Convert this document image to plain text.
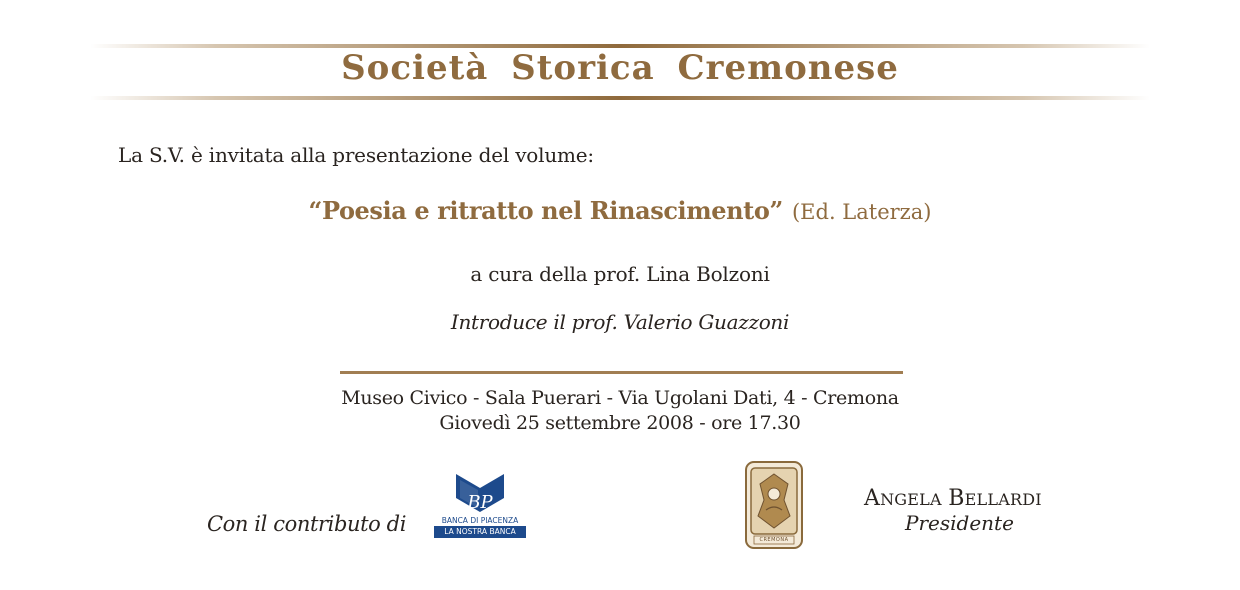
Società Storica Cremonese
La S.V. è invitata alla presentazione del volume:
“Poesia e ritratto nel Rinascimento” (Ed. Laterza)
a cura della prof. Lina Bolzoni
Introduce il prof. Valerio Guazzoni
Museo Civico - Sala Puerari - Via Ugolani Dati, 4 - Cremona
Giovedì 25 settembre 2008 - ore 17.30
Con il contributo di
BP
BANCA DI PIACENZA
LA NOSTRA BANCA
CREMONA
ANGELA BELLARDI
Presidente
